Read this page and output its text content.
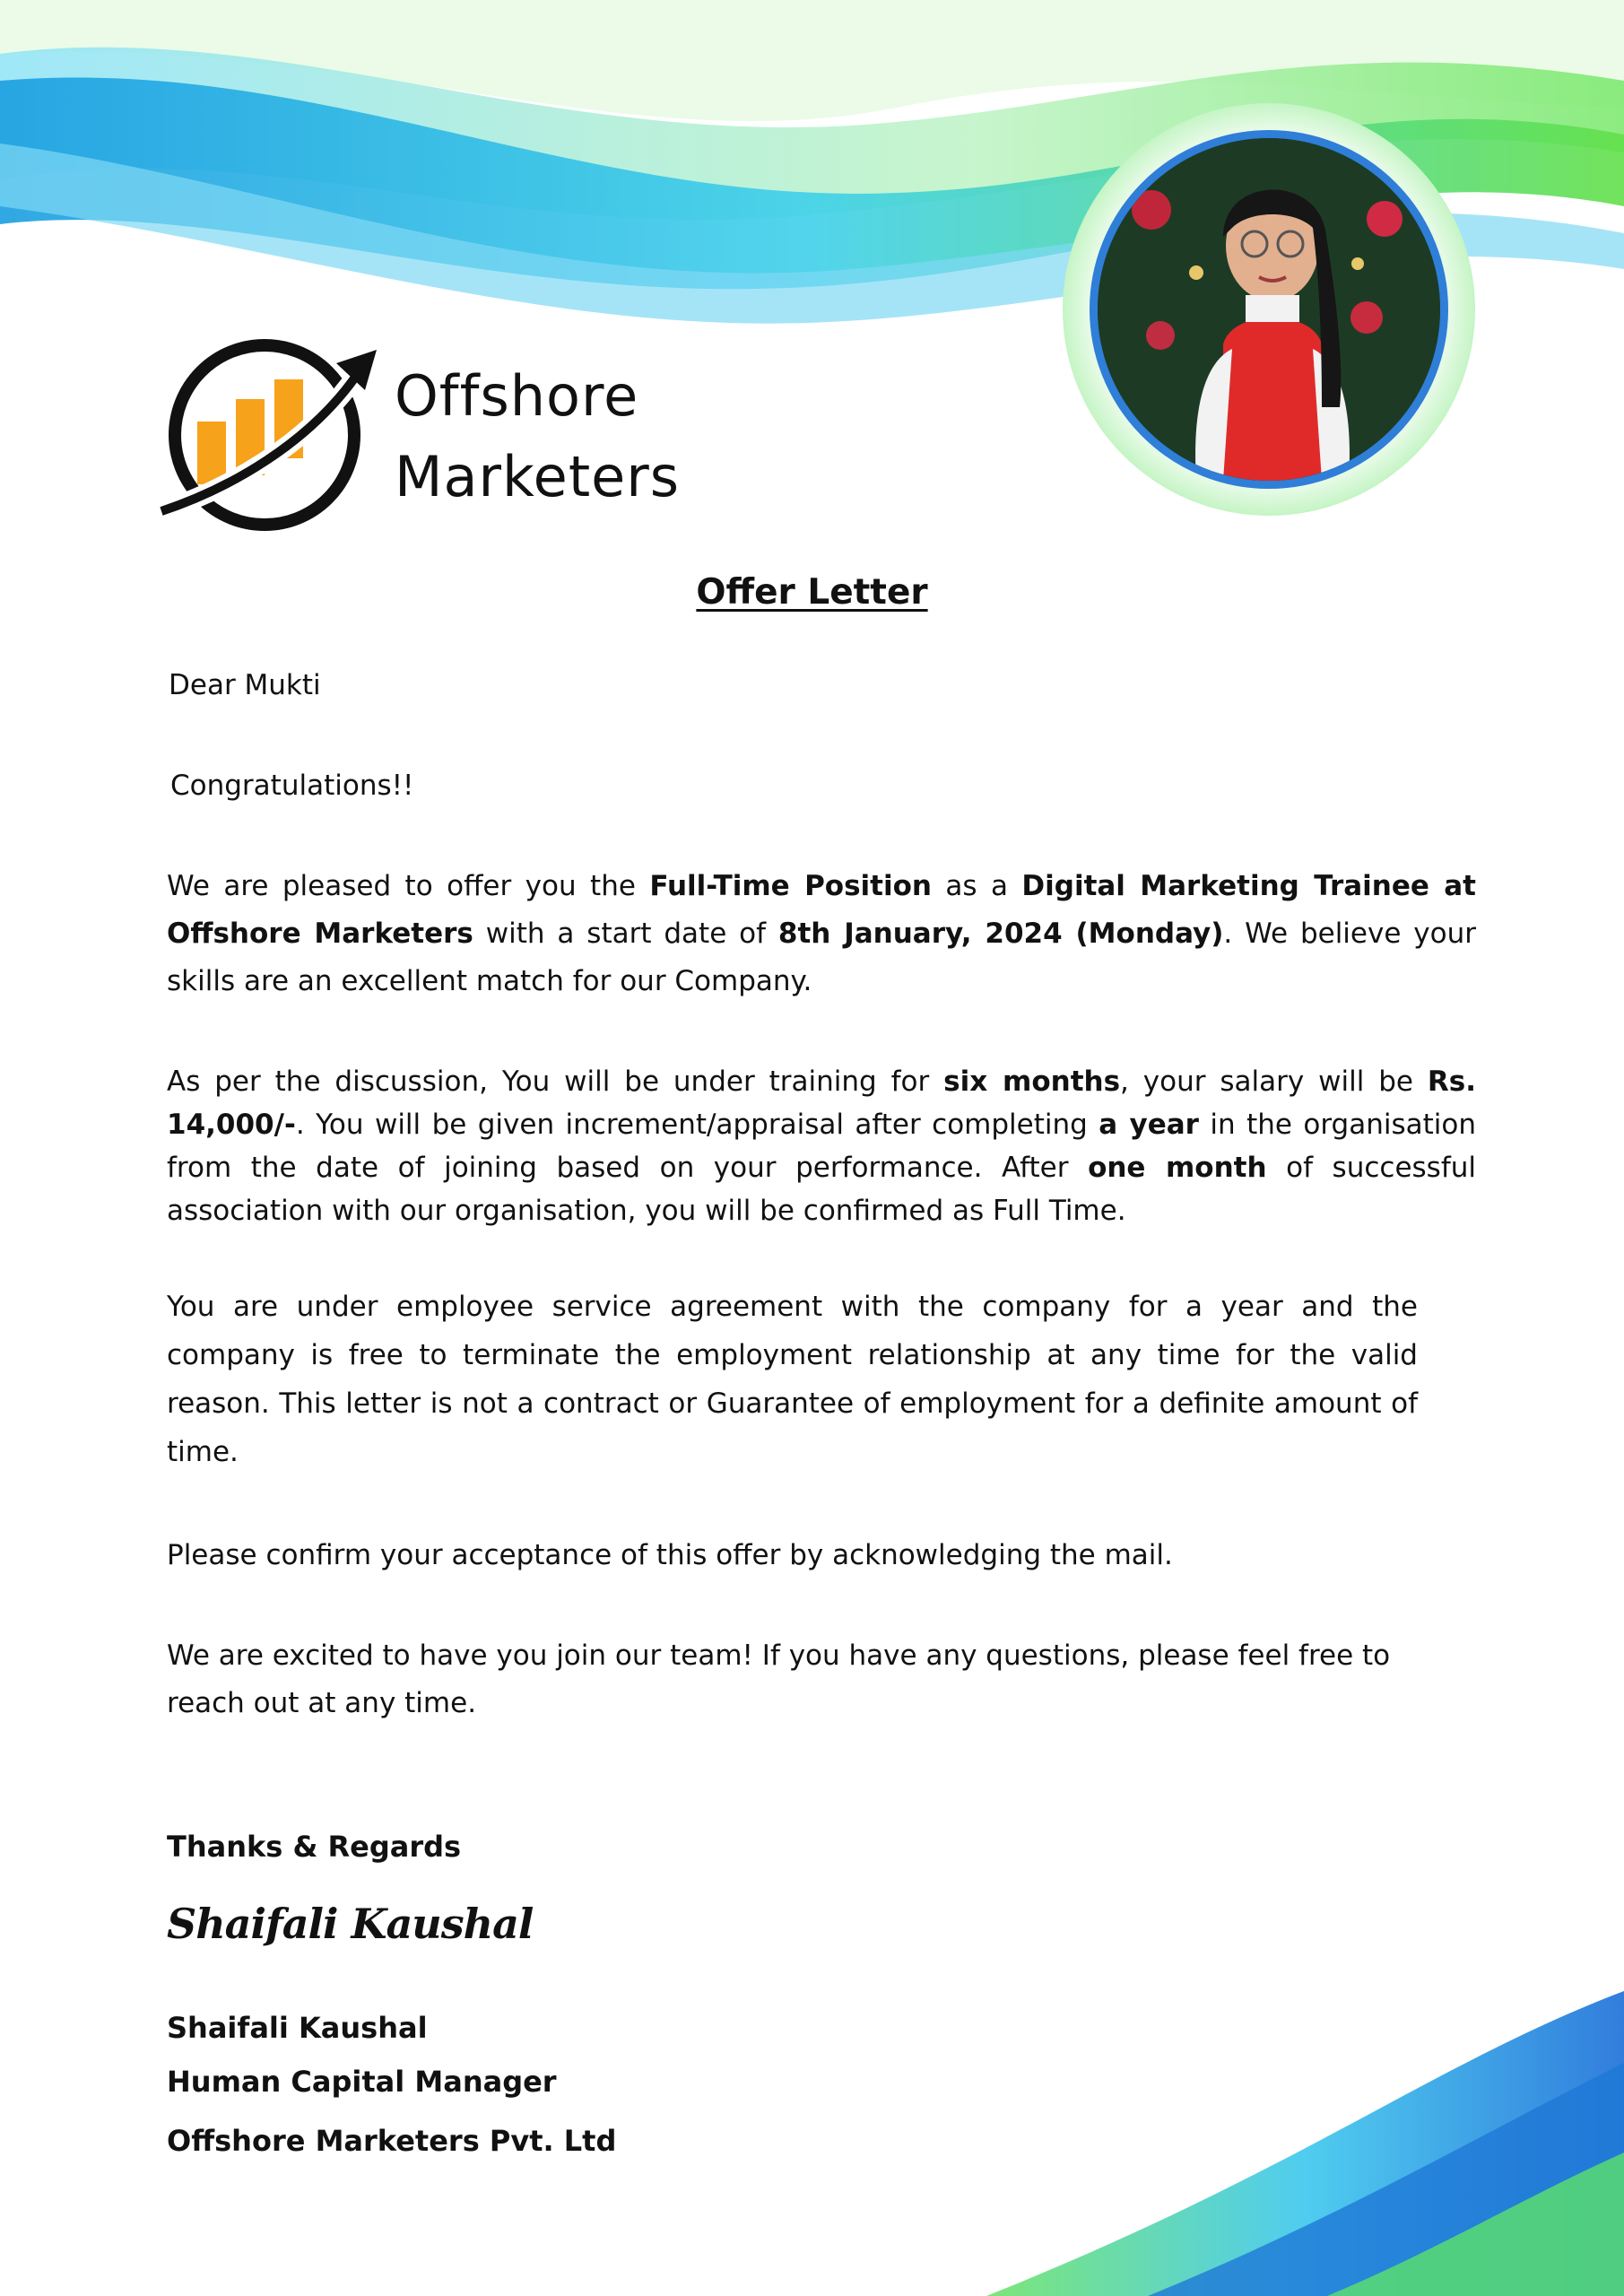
Offshore
Marketers
Offer Letter
Dear Mukti
Congratulations!!
We are pleased to offer you the Full-Time Position as a Digital Marketing Trainee at Offshore Marketers with a start date of 8th January, 2024 (Monday). We believe your skills are an excellent match for our Company.
As per the discussion, You will be under training for six months, your salary will be Rs. 14,000/-. You will be given increment/appraisal after completing a year in the organisation from the date of joining based on your performance. After one month of successful association with our organisation, you will be confirmed as Full Time.
You are under employee service agreement with the company for a year and the company is free to terminate the employment relationship at any time for the valid reason. This letter is not a contract or Guarantee of employment for a definite amount of time.
Please confirm your acceptance of this offer by acknowledging the mail.
We are excited to have you join our team! If you have any questions, please feel free to reach out at any time.
Thanks & Regards
Shaifali Kaushal
Shaifali Kaushal
Human Capital Manager
Offshore Marketers Pvt. Ltd
